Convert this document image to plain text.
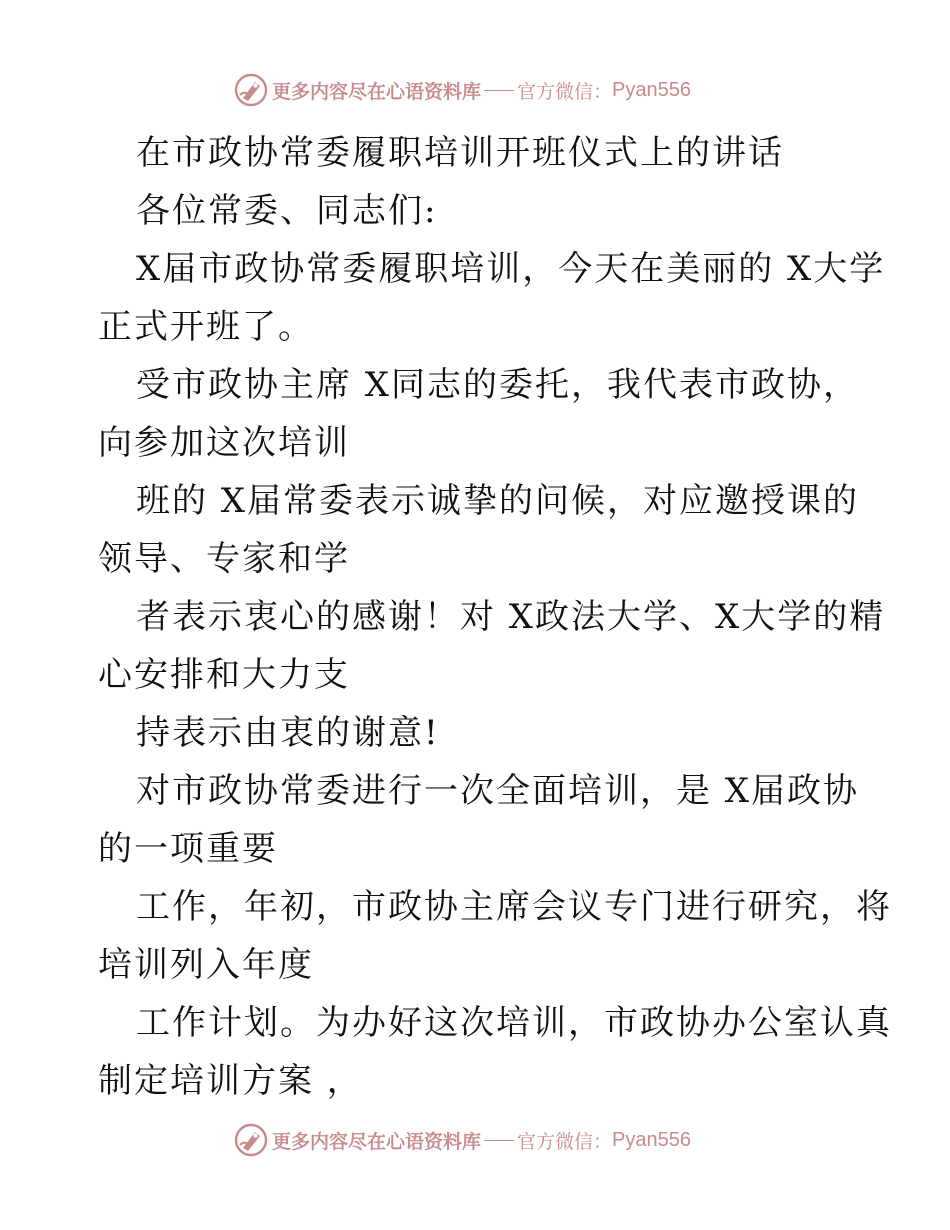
更多内容尽在心语资料库 官方微信： Pyan556
在市政协常委履职培训开班仪式上的讲话
各位常委、同志们:
X届市政协常委履职培训，今天在美丽的 X大学
正式开班了。
受市政协主席 X同志的委托，我代表市政协，
向参加这次培训
班的 X届常委表示诚挚的问候，对应邀授课的
领导、专家和学
者表示衷心的感谢！对 X政法大学、X大学的精
心安排和大力支
持表示由衷的谢意!
对市政协常委进行一次全面培训，是 X届政协
的一项重要
工作，年初，市政协主席会议专门进行研究，将
培训列入年度
工作计划。为办好这次培训，市政协办公室认真
制定培训方案 ，
更多内容尽在心语资料库 官方微信： Pyan556
